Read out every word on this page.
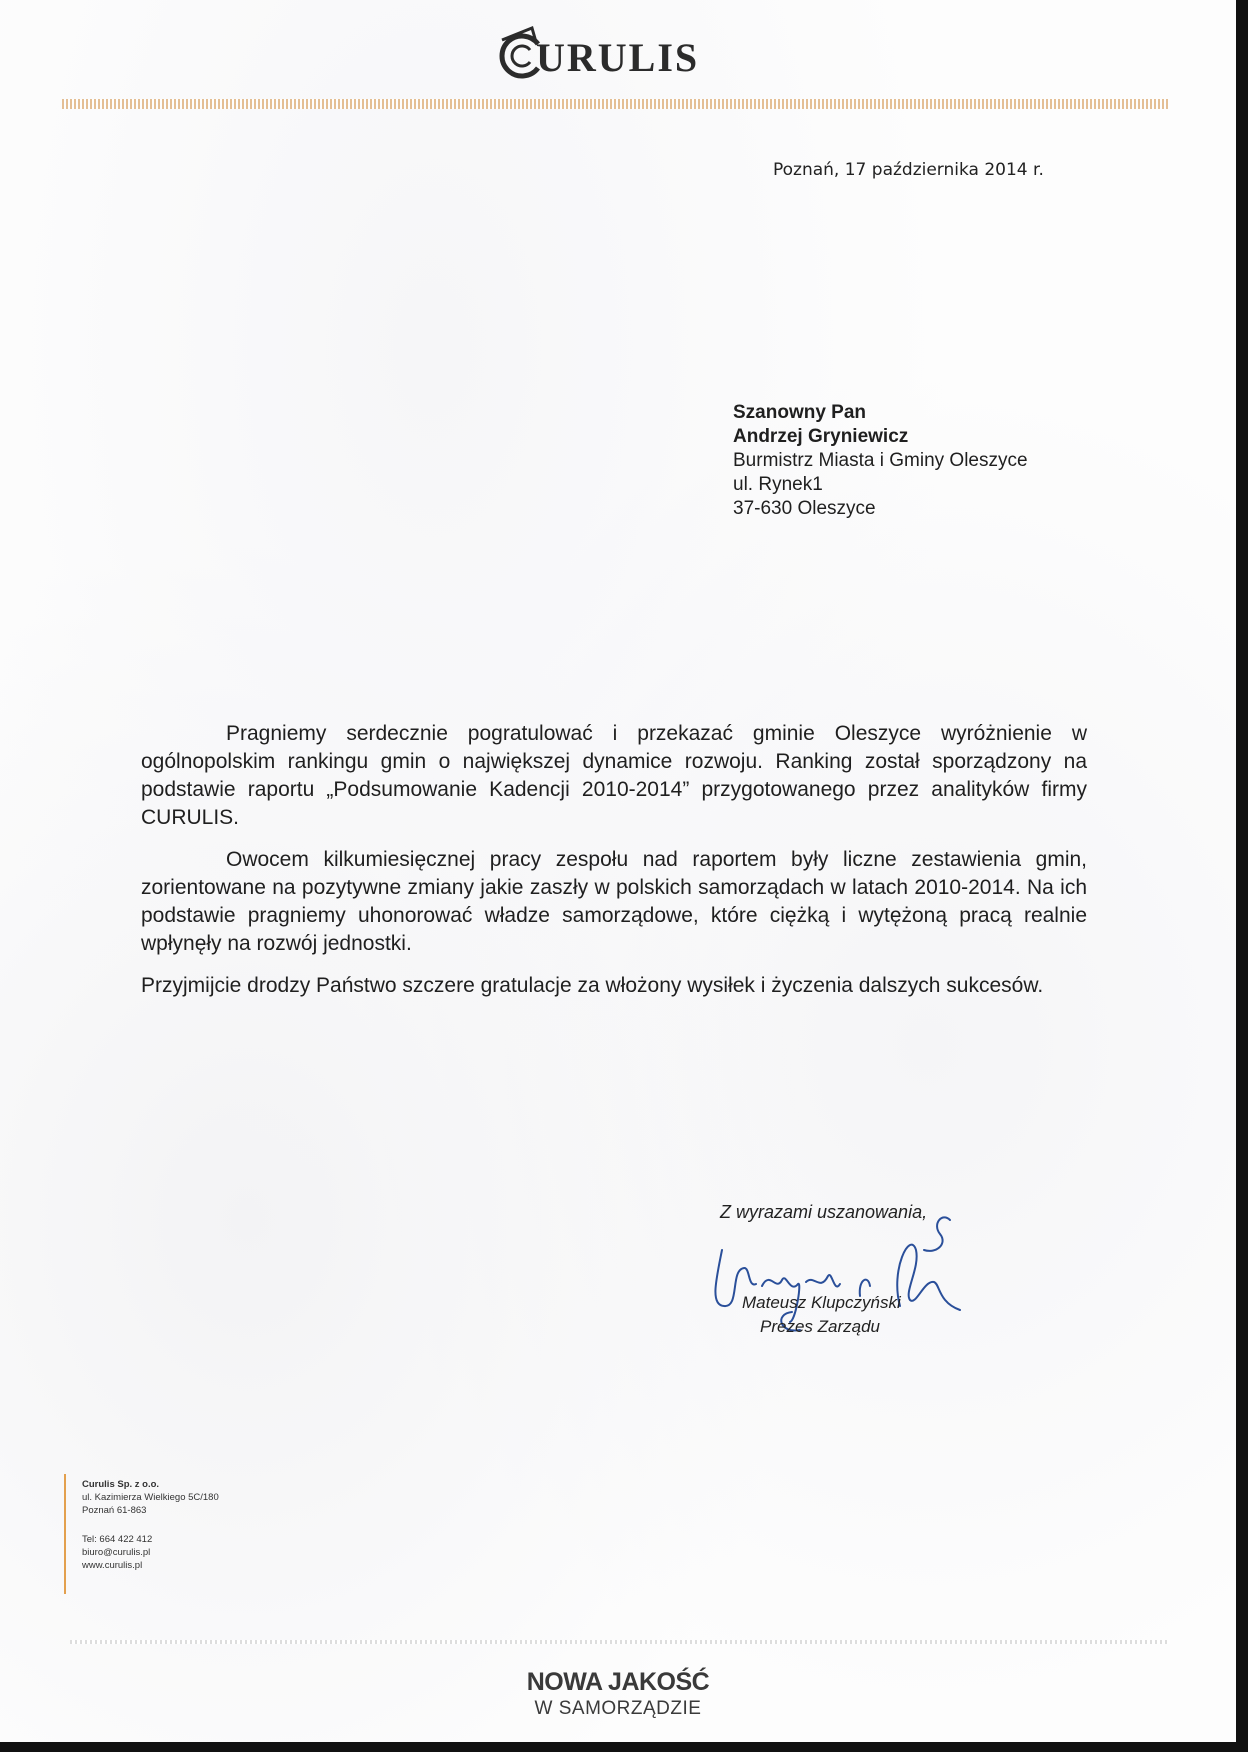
URULIS
Poznań, 17 października 2014 r.
Szanowny Pan
Andrzej Gryniewicz
Burmistrz Miasta i Gminy Oleszyce
ul. Rynek1
37-630 Oleszyce

Pragniemy serdecznie pogratulować i przekazać gminie Oleszyce wyróżnienie w ogólnopolskim rankingu gmin o największej dynamice rozwoju. Ranking został sporządzony na podstawie raportu „Podsumowanie Kadencji 2010-2014” przygotowanego przez analityków firmy CURULIS.

Owocem kilkumiesięcznej pracy zespołu nad raportem były liczne zestawienia gmin, zorientowane na pozytywne zmiany jakie zaszły w polskich samorządach w latach 2010-2014. Na ich podstawie pragniemy uhonorować władze samorządowe, które ciężką i wytężoną pracą realnie wpłynęły na rozwój jednostki.

Przyjmijcie drodzy Państwo szczere gratulacje za włożony wysiłek i życzenia dalszych sukcesów.

Z wyrazami uszanowania,
Mateusz Klupczyński
Prezes Zarządu
Curulis Sp. z o.o.
ul. Kazimierza Wielkiego 5C/180
Poznań 61-863
Tel: 664 422 412
biuro@curulis.pl
www.curulis.pl
NOWA JAKOŚĆ
W SAMORZĄDZIE
